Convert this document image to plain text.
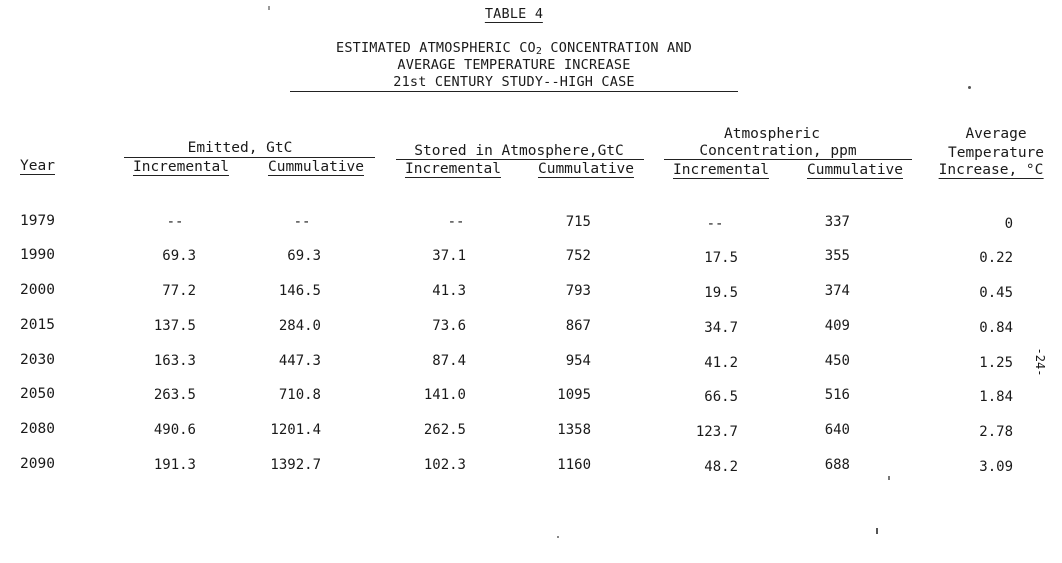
TABLE 4
ESTIMATED ATMOSPHERIC $CO_2$ CONCENTRATION AND
AVERAGE TEMPERATURE INCREASE
21st CENTURY STUDY--HIGH CASE
Emitted, GtC	Stored in Atmosphere,GtC
Atmospheric
Concentration, ppm
Average
Temperature
Increase, °C
Year	Incremental	Cummulative	Incremental	Cummulative	Incremental	Cummulative
1979	--	--	--	715	--	337	0
1990	69.3	69.3	37.1	752	17.5	355	0.22
2000	77.2	146.5	41.3	793	19.5	374	0.45
2015	137.5	284.0	73.6	867	34.7	409	0.84
2030	163.3	447.3	87.4	954	41.2	450	1.25
2050	263.5	710.8	141.0	1095	66.5	516	1.84
2080	490.6	1201.4	262.5	1358	123.7	640	2.78
2090	191.3	1392.7	102.3	1160	48.2	688	3.09
-24-
